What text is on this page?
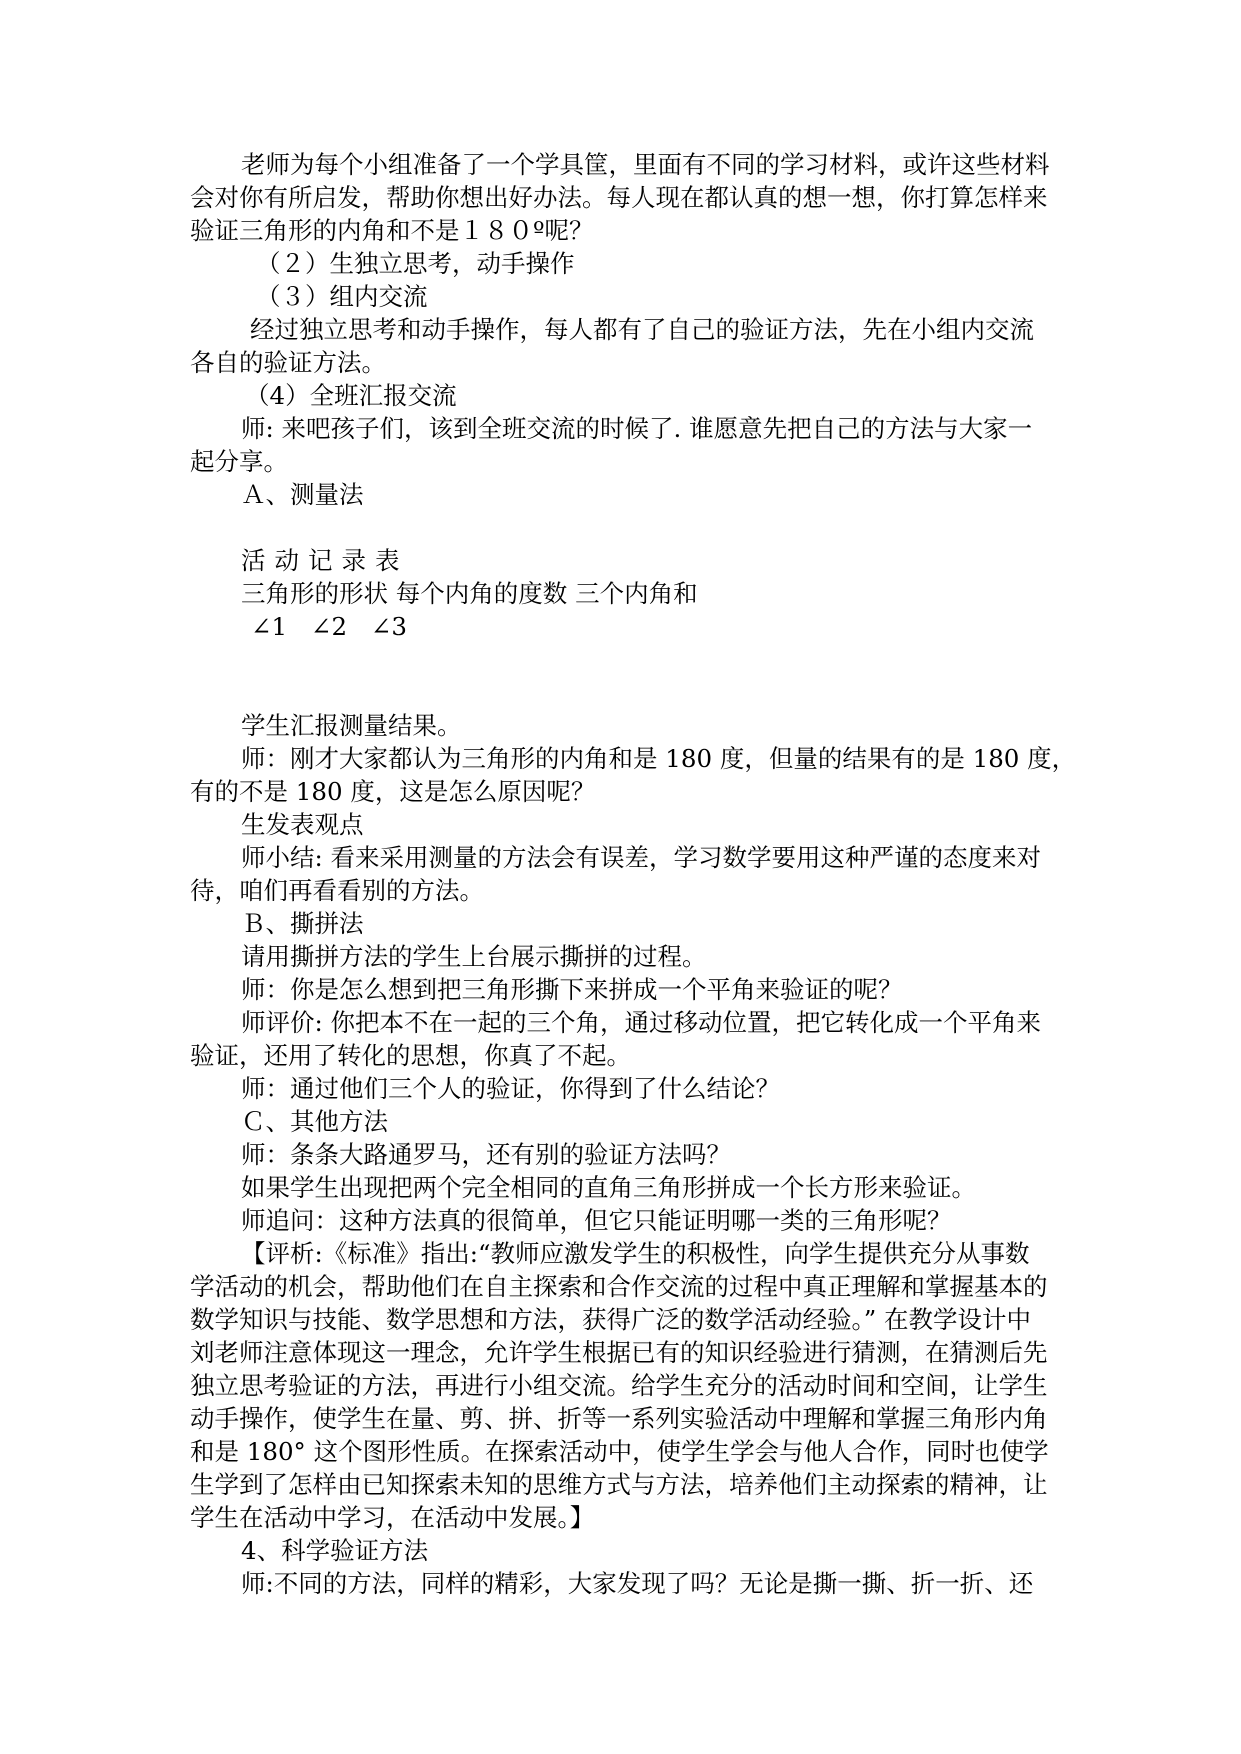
老师为每个小组准备了一个学具筐，里面有不同的学习材料，或许这些材料
会对你有所启发，帮助你想出好办法。每人现在都认真的想一想，你打算怎样来
验证三角形的内角和不是１８０º呢？
（２）生独立思考，动手操作
（３）组内交流
经过独立思考和动手操作，每人都有了自己的验证方法，先在小组内交流
各自的验证方法。
（4）全班汇报交流
师: 来吧孩子们，该到全班交流的时候了. 谁愿意先把自己的方法与大家一
起分享。
Ａ、测量法
活动记录表
三角形的形状 每个内角的度数 三个内角和
∠1 ∠2 ∠3
学生汇报测量结果。
师：刚才大家都认为三角形的内角和是 180 度，但量的结果有的是 180 度，
有的不是 180 度，这是怎么原因呢？
生发表观点
师小结: 看来采用测量的方法会有误差，学习数学要用这种严谨的态度来对
待，咱们再看看别的方法。
Ｂ、撕拼法
请用撕拼方法的学生上台展示撕拼的过程。
师：你是怎么想到把三角形撕下来拼成一个平角来验证的呢？
师评价: 你把本不在一起的三个角，通过移动位置，把它转化成一个平角来
验证，还用了转化的思想，你真了不起。
师：通过他们三个人的验证，你得到了什么结论？
Ｃ、其他方法
师：条条大路通罗马，还有别的验证方法吗？
如果学生出现把两个完全相同的直角三角形拼成一个长方形来验证。
师追问：这种方法真的很简单，但它只能证明哪一类的三角形呢？
【评析:《标准》指出:“教师应激发学生的积极性，向学生提供充分从事数
学活动的机会，帮助他们在自主探索和合作交流的过程中真正理解和掌握基本的
数学知识与技能、数学思想和方法，获得广泛的数学活动经验。” 在教学设计中
刘老师注意体现这一理念，允许学生根据已有的知识经验进行猜测，在猜测后先
独立思考验证的方法，再进行小组交流。给学生充分的活动时间和空间，让学生
动手操作，使学生在量、剪、拼、折等一系列实验活动中理解和掌握三角形内角
和是 180° 这个图形性质。在探索活动中，使学生学会与他人合作，同时也使学
生学到了怎样由已知探索未知的思维方式与方法，培养他们主动探索的精神，让
学生在活动中学习，在活动中发展。】
4、科学验证方法
师:不同的方法，同样的精彩，大家发现了吗？无论是撕一撕、折一折、还
